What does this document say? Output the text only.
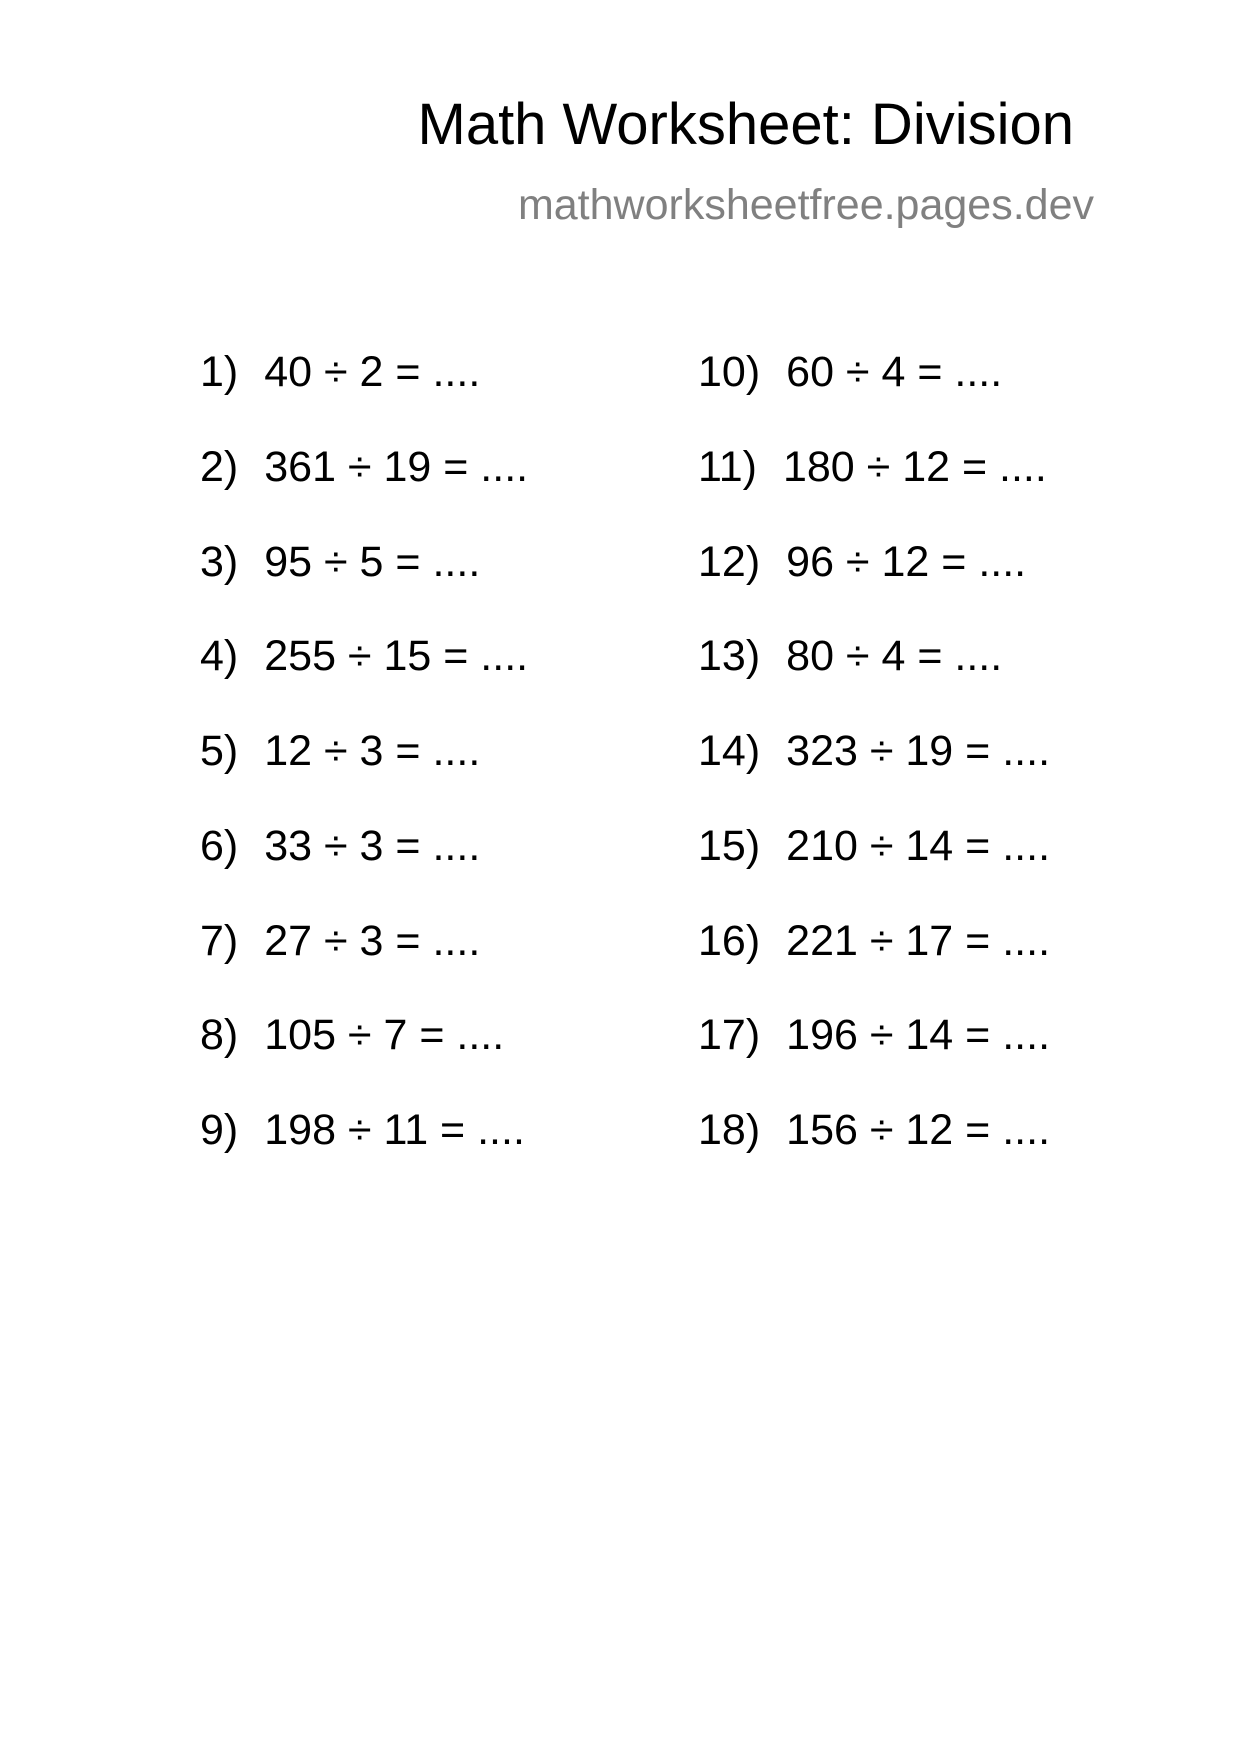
Math Worksheet: Division
mathworksheetfree.pages.dev
1) 40 ÷ 2 = ....
2) 361 ÷ 19 = ....
3) 95 ÷ 5 = ....
4) 255 ÷ 15 = ....
5) 12 ÷ 3 = ....
6) 33 ÷ 3 = ....
7) 27 ÷ 3 = ....
8) 105 ÷ 7 = ....
9) 198 ÷ 11 = ....
10) 60 ÷ 4 = ....
11) 180 ÷ 12 = ....
12) 96 ÷ 12 = ....
13) 80 ÷ 4 = ....
14) 323 ÷ 19 = ....
15) 210 ÷ 14 = ....
16) 221 ÷ 17 = ....
17) 196 ÷ 14 = ....
18) 156 ÷ 12 = ....
